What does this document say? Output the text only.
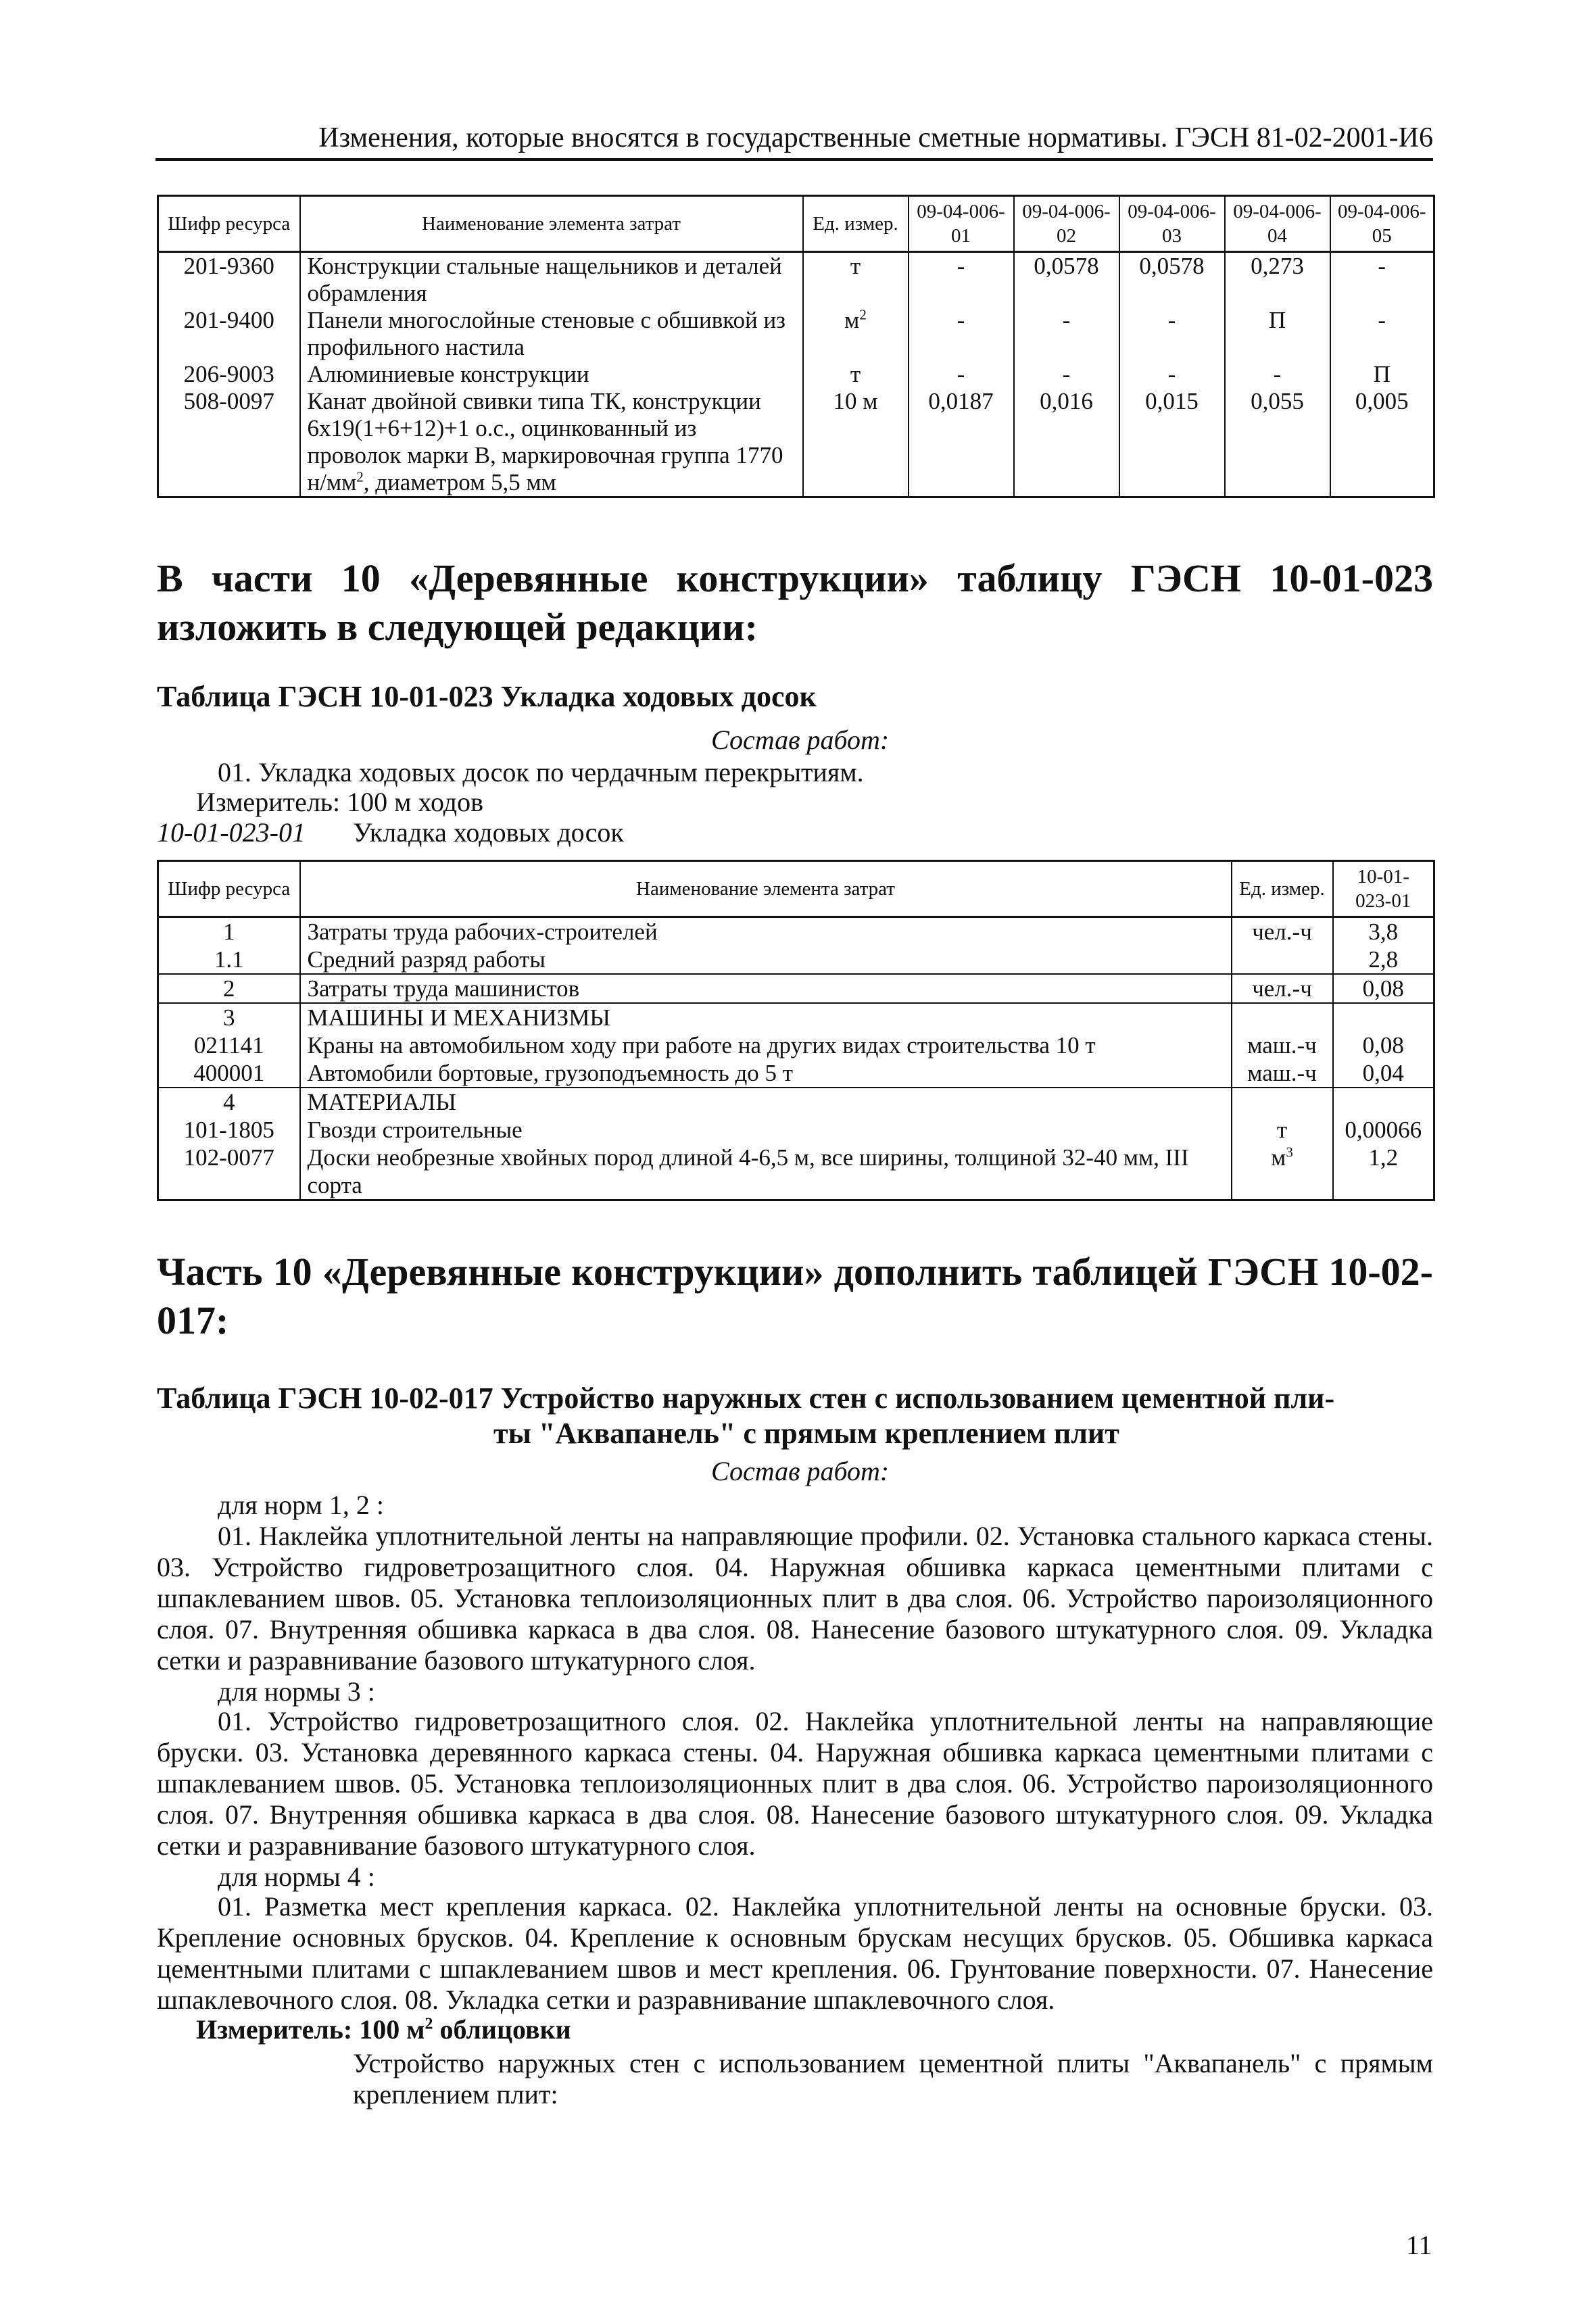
Изменения, которые вносятся в государственные сметные нормативы. ГЭСН 81-02-2001-И6
Шифр ресурса	Наименование элемента затрат	Ед. измер.	09-04-006-01	09-04-006-02	09-04-006-03	09-04-006-04	09-04-006-05
201-9360	Конструкции стальные нащельников и деталей обрамления	т	-	0,0578	0,0578	0,273	-
201-9400	Панели многослойные стеновые с обшивкой из профильного настила	$м^2$	-	-	-	П	-
206-9003	Алюминиевые конструкции	т	-	-	-	-	П
508-0097	Канат двойной свивки типа ТК, конструкции 6х19(1+6+12)+1 о.с., оцинкованный из проволок марки В, маркировочная группа 1770 $н/мм^2$, диаметром 5,5 мм	10 м	0,0187	0,016	0,015	0,055	0,005
В части 10 «Деревянные конструкции» таблицу ГЭСН 10-01-023 изложить в следующей редакции:
Таблица ГЭСН 10-01-023 Укладка ходовых досок
Состав работ:
01. Укладка ходовых досок по чердачным перекрытиям.
Измеритель: 100 м ходов
10-01-023-01 Укладка ходовых досок
Шифр ресурса	Наименование элемента затрат	Ед. измер.	10-01-023-01
1	Затраты труда рабочих-строителей	чел.-ч	3,8
1.1	Средний разряд работы		2,8
2	Затраты труда машинистов	чел.-ч	0,08
3	МАШИНЫ И МЕХАНИЗМЫ		
021141	Краны на автомобильном ходу при работе на других видах строительства 10 т	маш.-ч	0,08
400001	Автомобили бортовые, грузоподъемность до 5 т	маш.-ч	0,04
4	МАТЕРИАЛЫ		
101-1805	Гвозди строительные	т	0,00066
102-0077	Доски необрезные хвойных пород длиной 4-6,5 м, все ширины, толщиной 32-40 мм, III сорта	$м^3$	1,2
Часть 10 «Деревянные конструкции» дополнить таблицей ГЭСН 10-02-017:
Таблица ГЭСН 10-02-017 Устройство наружных стен с использованием цементной пли-
ты "Аквапанель" с прямым креплением плит
Состав работ:
для норм 1, 2 :
01. Наклейка уплотнительной ленты на направляющие профили. 02. Установка стального каркаса стены. 03. Устройство гидроветрозащитного слоя. 04. Наружная обшивка каркаса цементными плитами с шпаклеванием швов. 05. Установка теплоизоляционных плит в два слоя. 06. Устройство пароизоляционного слоя. 07. Внутренняя обшивка каркаса в два слоя. 08. Нанесение базового штукатурного слоя. 09. Укладка сетки и разравнивание базового штукатурного слоя.
для нормы 3 :
01. Устройство гидроветрозащитного слоя. 02. Наклейка уплотнительной ленты на направляющие бруски. 03. Установка деревянного каркаса стены. 04. Наружная обшивка каркаса цементными плитами с шпаклеванием швов. 05. Установка теплоизоляционных плит в два слоя. 06. Устройство пароизоляционного слоя. 07. Внутренняя обшивка каркаса в два слоя. 08. Нанесение базового штукатурного слоя. 09. Укладка сетки и разравнивание базового штукатурного слоя.
для нормы 4 :
01. Разметка мест крепления каркаса. 02. Наклейка уплотнительной ленты на основные бруски. 03. Крепление основных брусков. 04. Крепление к основным брускам несущих брусков. 05. Обшивка каркаса цементными плитами с шпаклеванием швов и мест крепления. 06. Грунтование поверхности. 07. Нанесение шпаклевочного слоя. 08. Укладка сетки и разравнивание шпаклевочного слоя.
Измеритель: 100 $м^2$ облицовки
Устройство наружных стен с использованием цементной плиты "Аквапанель" с прямым креплением плит:
11
